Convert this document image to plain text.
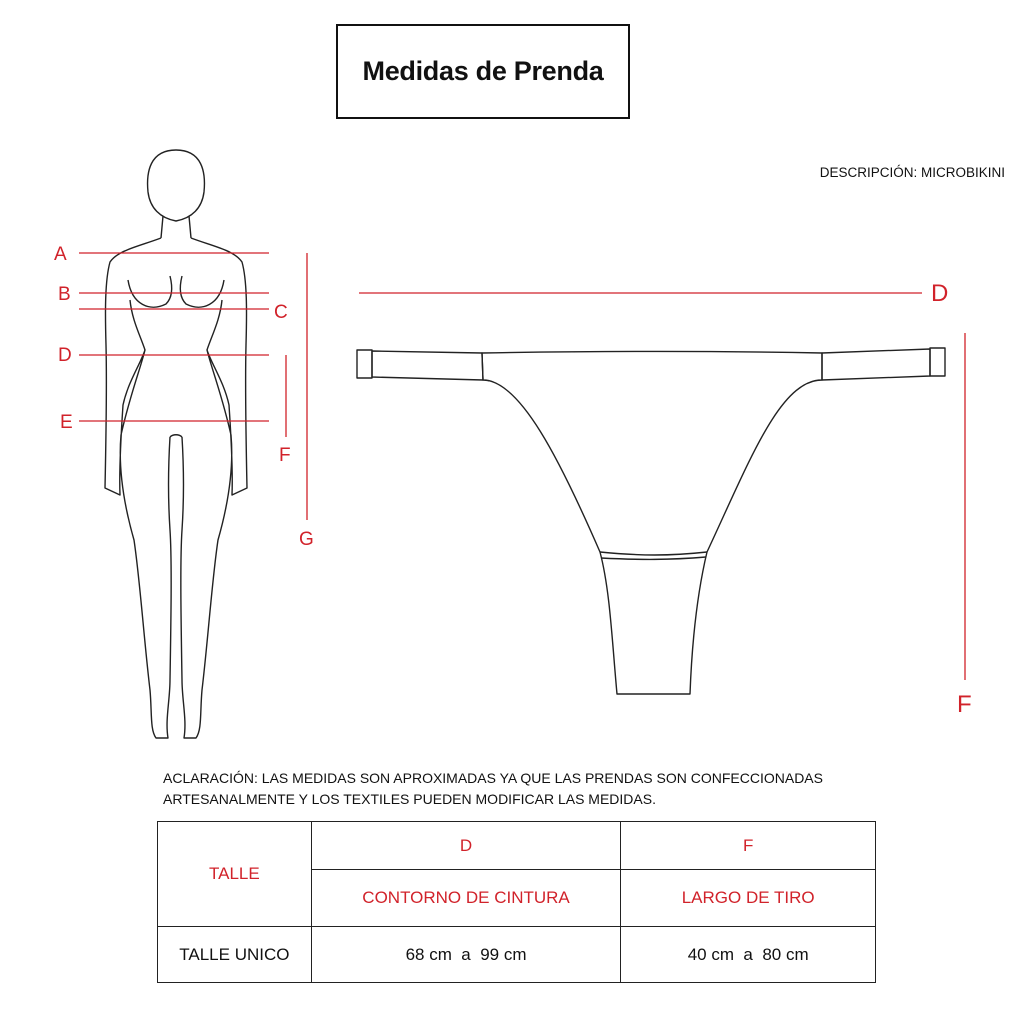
Medidas de Prenda
DESCRIPCIÓN: MICROBIKINI
A
B
C
D
E
F
G
D
F
ACLARACIÓN: LAS MEDIDAS SON APROXIMADAS YA QUE LAS PRENDAS SON CONFECCIONADAS ARTESANALMENTE Y LOS TEXTILES PUEDEN MODIFICAR LAS MEDIDAS.
TALLE	D	F
	CONTORNO DE CINTURA	LARGO DE TIRO
TALLE UNICO	68 cm  a  99 cm	40 cm  a  80 cm
